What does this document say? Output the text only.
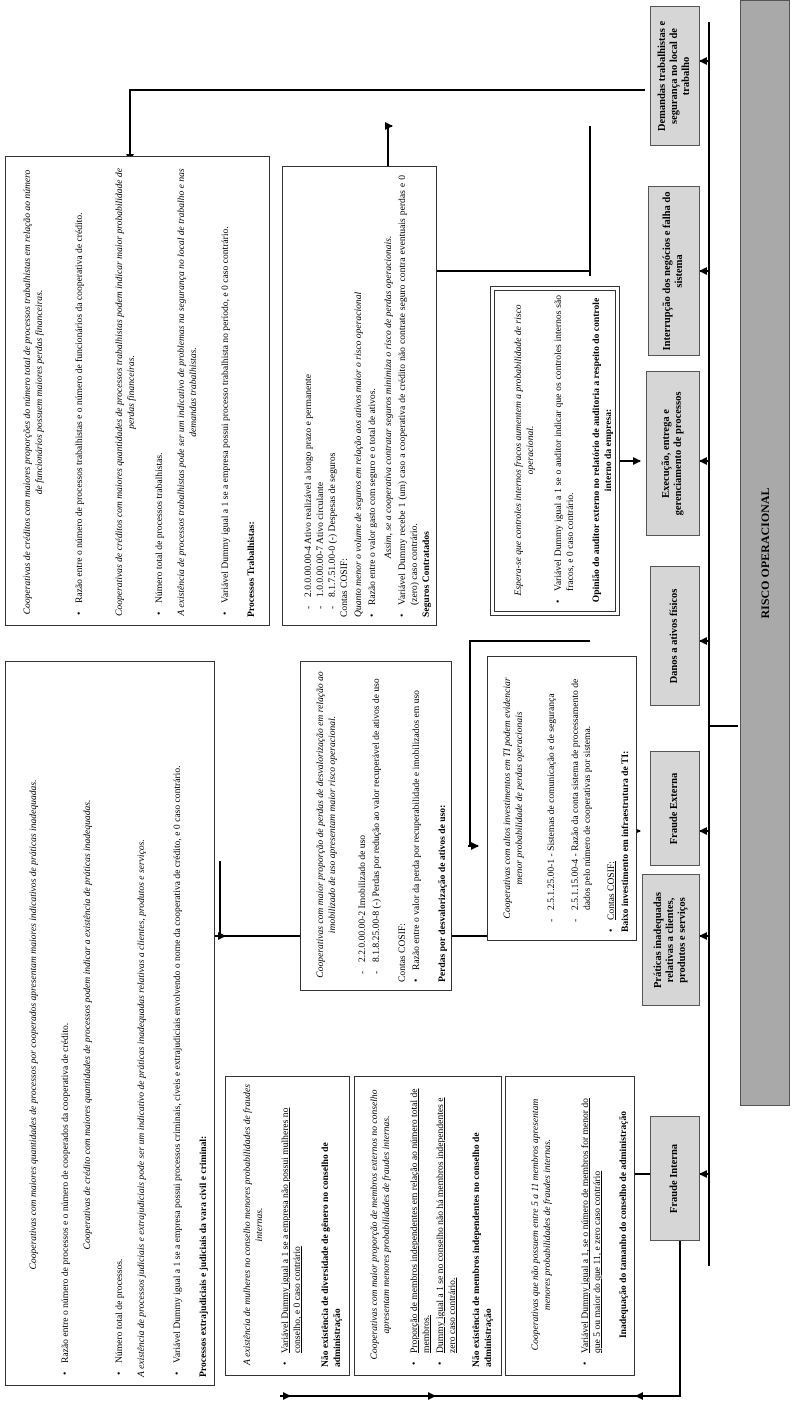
RISCO OPERACIONAL
Demandas trabalhistas e segurança no local de trabalho
Interrupção dos negócios e falha do sistema
Execução, entrega e gerenciamento de processos
Danos a ativos físicos
Fraude Externa
Práticas inadequadas relativas a clientes, produtos e serviços
Fraude Interna
Processos Trabalhistas:
• Variável Dummy igual a 1 se a empresa possui processo trabalhista no período, e 0 caso contrário.
A existência de processos trabalhistas pode ser um indicativo de problemas na segurança no local de trabalho e nas demandas trabalhistas.
• Número total de processos trabalhistas.
Cooperativas de créditos com maiores quantidades de processos trabalhistas podem indicar maior probabilidade de perdas financeiras.
• Razão entre o número de processos trabalhistas e o número de funcionários da cooperativa de crédito.
Cooperativas de créditos com maiores proporções do número total de processos trabalhistas em relação ao número de funcionários possuem maiores perdas financeiras.
Seguros Contratados
• Variável Dummy recebe 1 (um) caso a cooperativa de crédito não contrate seguro contra eventuais perdas e 0 (zero) caso contrário.
Assim, se a cooperativa contratar seguros minimiza o risco de perdas operacionais.
• Razão entre o valor gasto com seguro e o total de ativos.
Quanto menor o volume de seguros em relação aos ativos maior o risco operacional
Contas COSIF:
- 8.1.7.51.00-0 (-) Despesas de seguros
- 1.0.0.00.00-7 Ativo circulante
- 2.0.0.00.00-4 Ativo realizável a longo prazo e permanente	Opinião do auditor externo no relatório de auditoria a respeito do controle interno da empresa:
• Variável Dummy igual a 1 se o auditor indicar que os controles internos são fracos, e 0 caso contrário.
Espera-se que controles internos fracos aumentem a probabilidade de risco operacional.
Baixo investimento em infraestrutura de TI:
• Contas COSIF:
- 2.5.1.15.00-4 - Razão da conta sistema de processamento de dados pelo número de cooperativas por sistema.
- 2.5.1.25.00-1 - Sistemas de comunicação e de segurança
Cooperativas com altos investimentos em TI podem evidenciar menor probabilidade de perdas operacionais
Perdas por desvalorização de ativos de uso:
• Razão entre o valor da perda por recuperabilidade e imobilizados em uso
Contas COSIF:
- 8.1.8.25.00-8 (-) Perdas por redução ao valor recuperável de ativos de uso
- 2.2.0.00.00-2 Imobilizado de uso
Cooperativas com maior proporção de perdas de desvalorização em relação ao imobilizado de uso apresentam maior risco operacional.
Processos extrajudiciais e judiciais da vara civil e criminal:
• Variável Dummy igual a 1 se a empresa possui processos criminais, cíveis e extrajudiciais envolvendo o nome da cooperativa de crédito, e 0 caso contrário.
A existência de processos judiciais e extrajudiciais pode ser um indicativo de práticas inadequadas relativas a clientes, produtos e serviços.
• Número total de processos.
Cooperativas de crédito com maiores quantidades de processos podem indicar a existência de práticas inadequadas.
• Razão entre o número de processos e o número de cooperados da cooperativa de crédito.
Cooperativas com maiores quantidades de processos por cooperados apresentam maiores indicativos de práticas inadequadas.	Inadequação do tamanho do conselho de administração
• Variável Dummy igual a 1, se o número de membros for menor do que 5 ou maior do que 11, e zero caso contrário
Cooperativas que não possuem entre 5 a 11 membros apresentam menores probabilidades de fraudes internas.
Não existência de membros independentes no conselho de administração
• Dummy igual a 1 se no conselho não há membros independentes e zero caso contrário.
• Proporção de membros independentes em relação ao número total de membros.
Cooperativas com maior proporção de membros externos no conselho apresentam menores probabilidades de fraudes internas.
Não existência de diversidade de gênero no conselho de administração
• Variável Dummy igual a 1 se a empresa não possui mulheres no conselho, e 0 caso contrário
A existência de mulheres no conselho menores probabilidades de fraudes internas.
